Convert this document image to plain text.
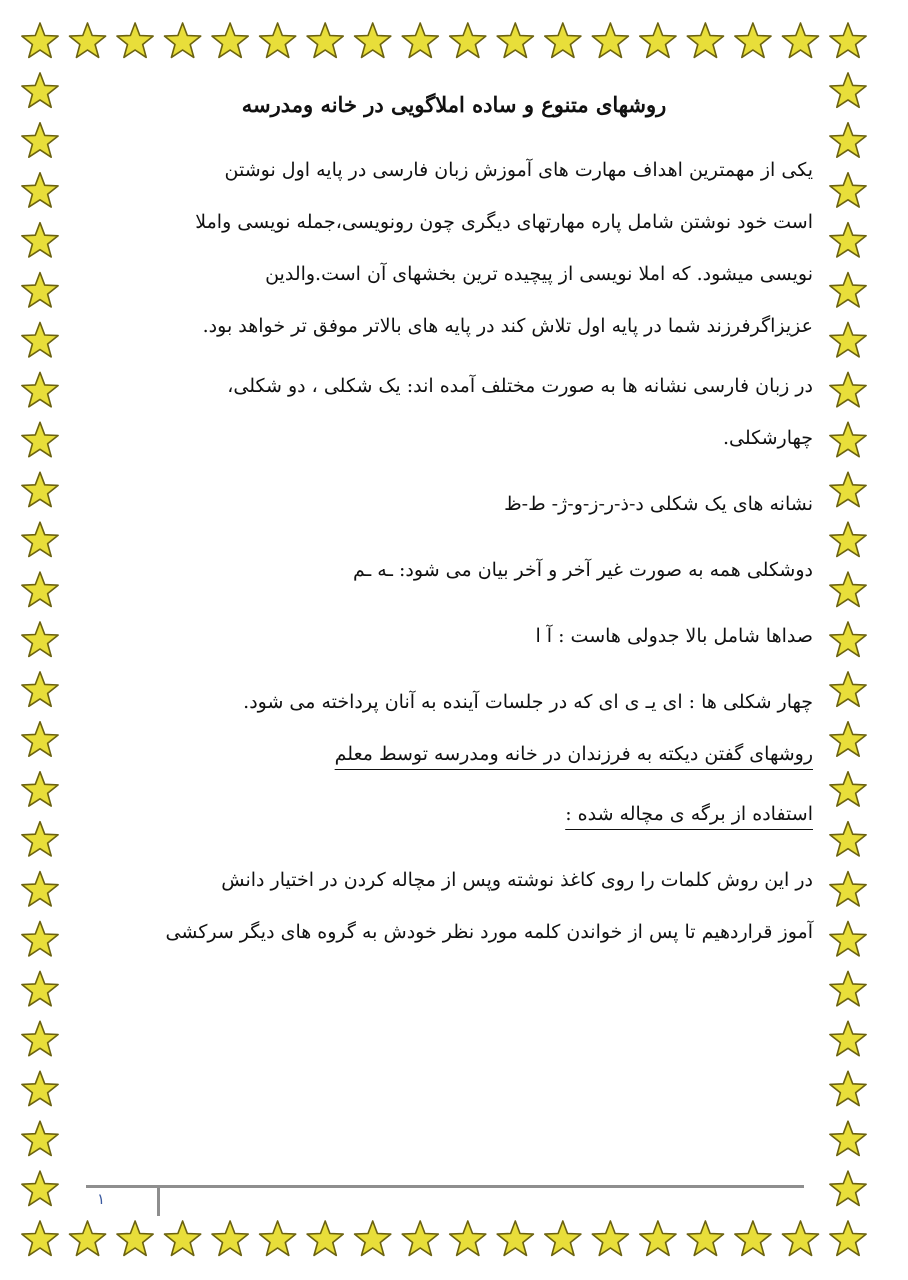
روشهای متنوع و ساده املاگویی در خانه ومدرسه

یکی از مهمترین اهداف مهارت های آموزش زبان فارسی در پایه اول نوشتن
است خود نوشتن شامل پاره مهارتهای دیگری چون رونویسی،جمله نویسی واملا
نویسی میشود. که املا نویسی از پیچیده ترین بخشهای آن است.والدین
عزیزاگرفرزند شما در پایه اول تلاش کند در پایه های بالاتر موفق تر خواهد بود.

در زبان فارسی نشانه ها به صورت مختلف آمده اند: یک شکلی ، دو شکلی،
چهارشکلی.

نشانه های یک شکلی د-ذ-ر-ز-و-ژ- ط-ظ

دوشکلی همه به صورت غیر آخر و آخر بیان می شود: ـه ـم

صداها شامل بالا جدولی هاست : آ ا

چهار شکلی ها : ای یـ ی ای که در جلسات آینده به آنان پرداخته می شود.

روشهای گفتن دیکته به فرزندان در خانه ومدرسه توسط معلم

استفاده از برگه ی مچاله شده :

در این روش کلمات را روی کاغذ نوشته وپس از مچاله کردن در اختیار دانش
آموز قراردهیم تا پس از خواندن کلمه مورد نظر خودش به گروه های دیگر سرکشی

۱
